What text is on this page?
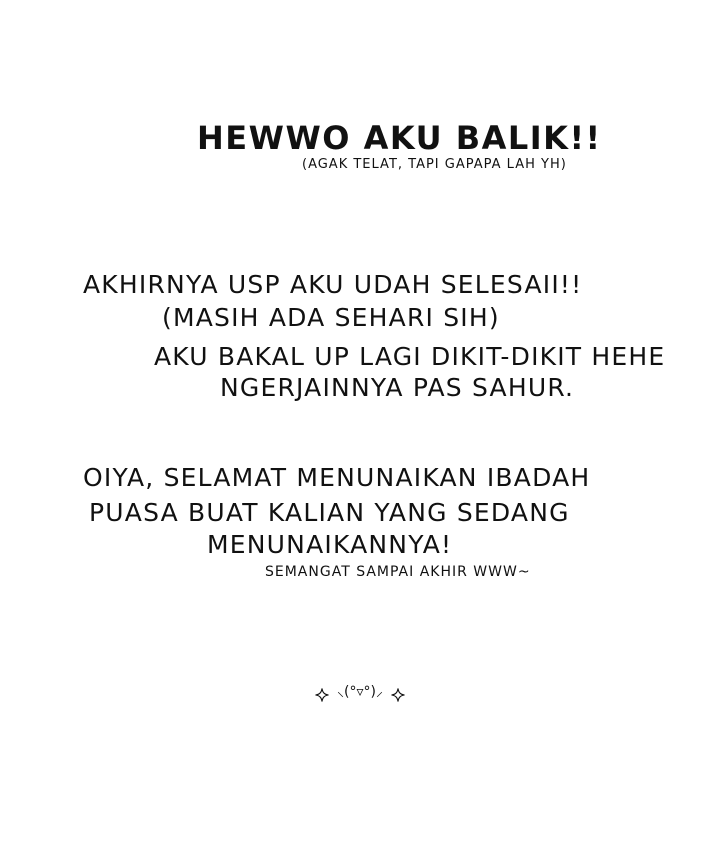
HEWWO AKU BALIK!!
(AGAK TELAT, TAPI GAPAPA LAH YH)
AKHIRNYA USP AKU UDAH SELESAII!!
(MASIH ADA SEHARI SIH)
AKU BAKAL UP LAGI DIKIT-DIKIT HEHE
NGERJAINNYA PAS SAHUR.
OIYA, SELAMAT MENUNAIKAN IBADAH
PUASA BUAT KALIAN YANG SEDANG
MENUNAIKANNYA!
SEMANGAT SAMPAI AKHIR WWW~
⸜(°▿°)⸝
